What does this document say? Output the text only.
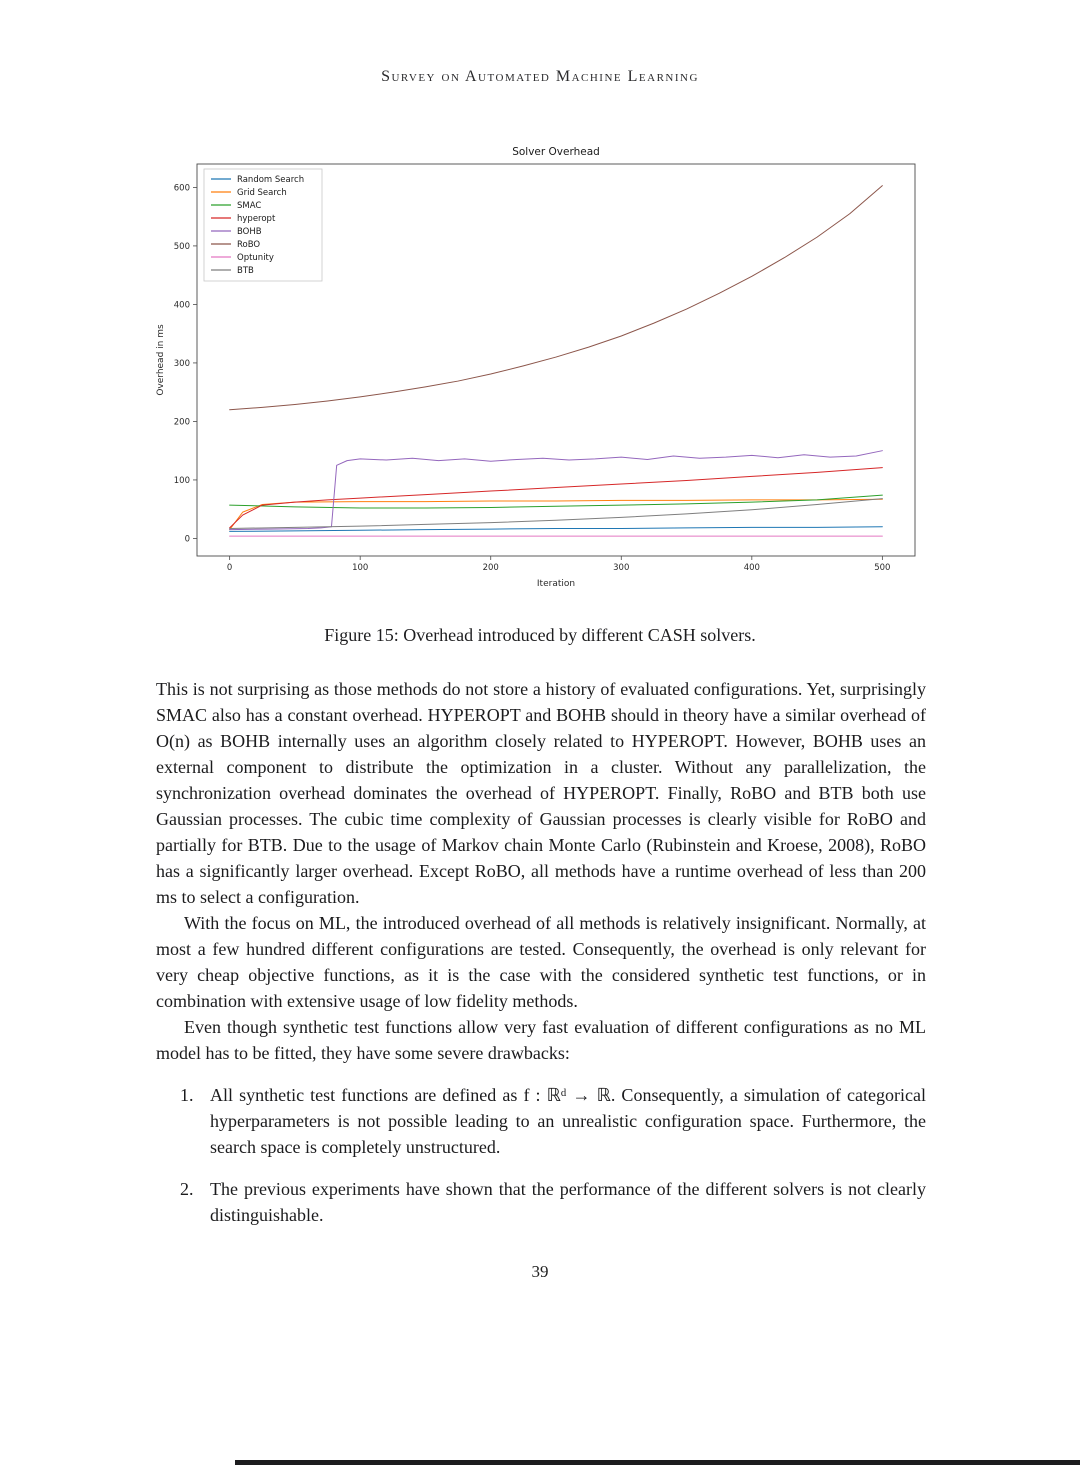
Survey on Automated Machine Learning
Solver Overhead
0	100	200	300	400	500
0
100
200
300
400
500
600
Iteration
Overhead in ms
Random Search
Grid Search
SMAC
hyperopt
BOHB
RoBO
Optunity
BTB
Figure 15: Overhead introduced by different CASH solvers.

This is not surprising as those methods do not store a history of evaluated configurations. Yet, surprisingly SMAC also has a constant overhead. HYPEROPT and BOHB should in theory have a similar overhead of O(n) as BOHB internally uses an algorithm closely related to HYPEROPT. However, BOHB uses an external component to distribute the optimization in a cluster. Without any parallelization, the synchronization overhead dominates the overhead of HYPEROPT. Finally, RoBO and BTB both use Gaussian processes. The cubic time complexity of Gaussian processes is clearly visible for RoBO and partially for BTB. Due to the usage of Markov chain Monte Carlo (Rubinstein and Kroese, 2008), RoBO has a significantly larger overhead. Except RoBO, all methods have a runtime overhead of less than 200 ms to select a configuration.

With the focus on ML, the introduced overhead of all methods is relatively insignificant. Normally, at most a few hundred different configurations are tested. Consequently, the overhead is only relevant for very cheap objective functions, as it is the case with the considered synthetic test functions, or in combination with extensive usage of low fidelity methods.

Even though synthetic test functions allow very fast evaluation of different configurations as no ML model has to be fitted, they have some severe drawbacks:

1. All synthetic test functions are defined as f : ℝᵈ → ℝ. Consequently, a simulation of categorical hyperparameters is not possible leading to an unrealistic configuration space. Furthermore, the search space is completely unstructured.
2. The previous experiments have shown that the performance of the different solvers is not clearly distinguishable.
39
